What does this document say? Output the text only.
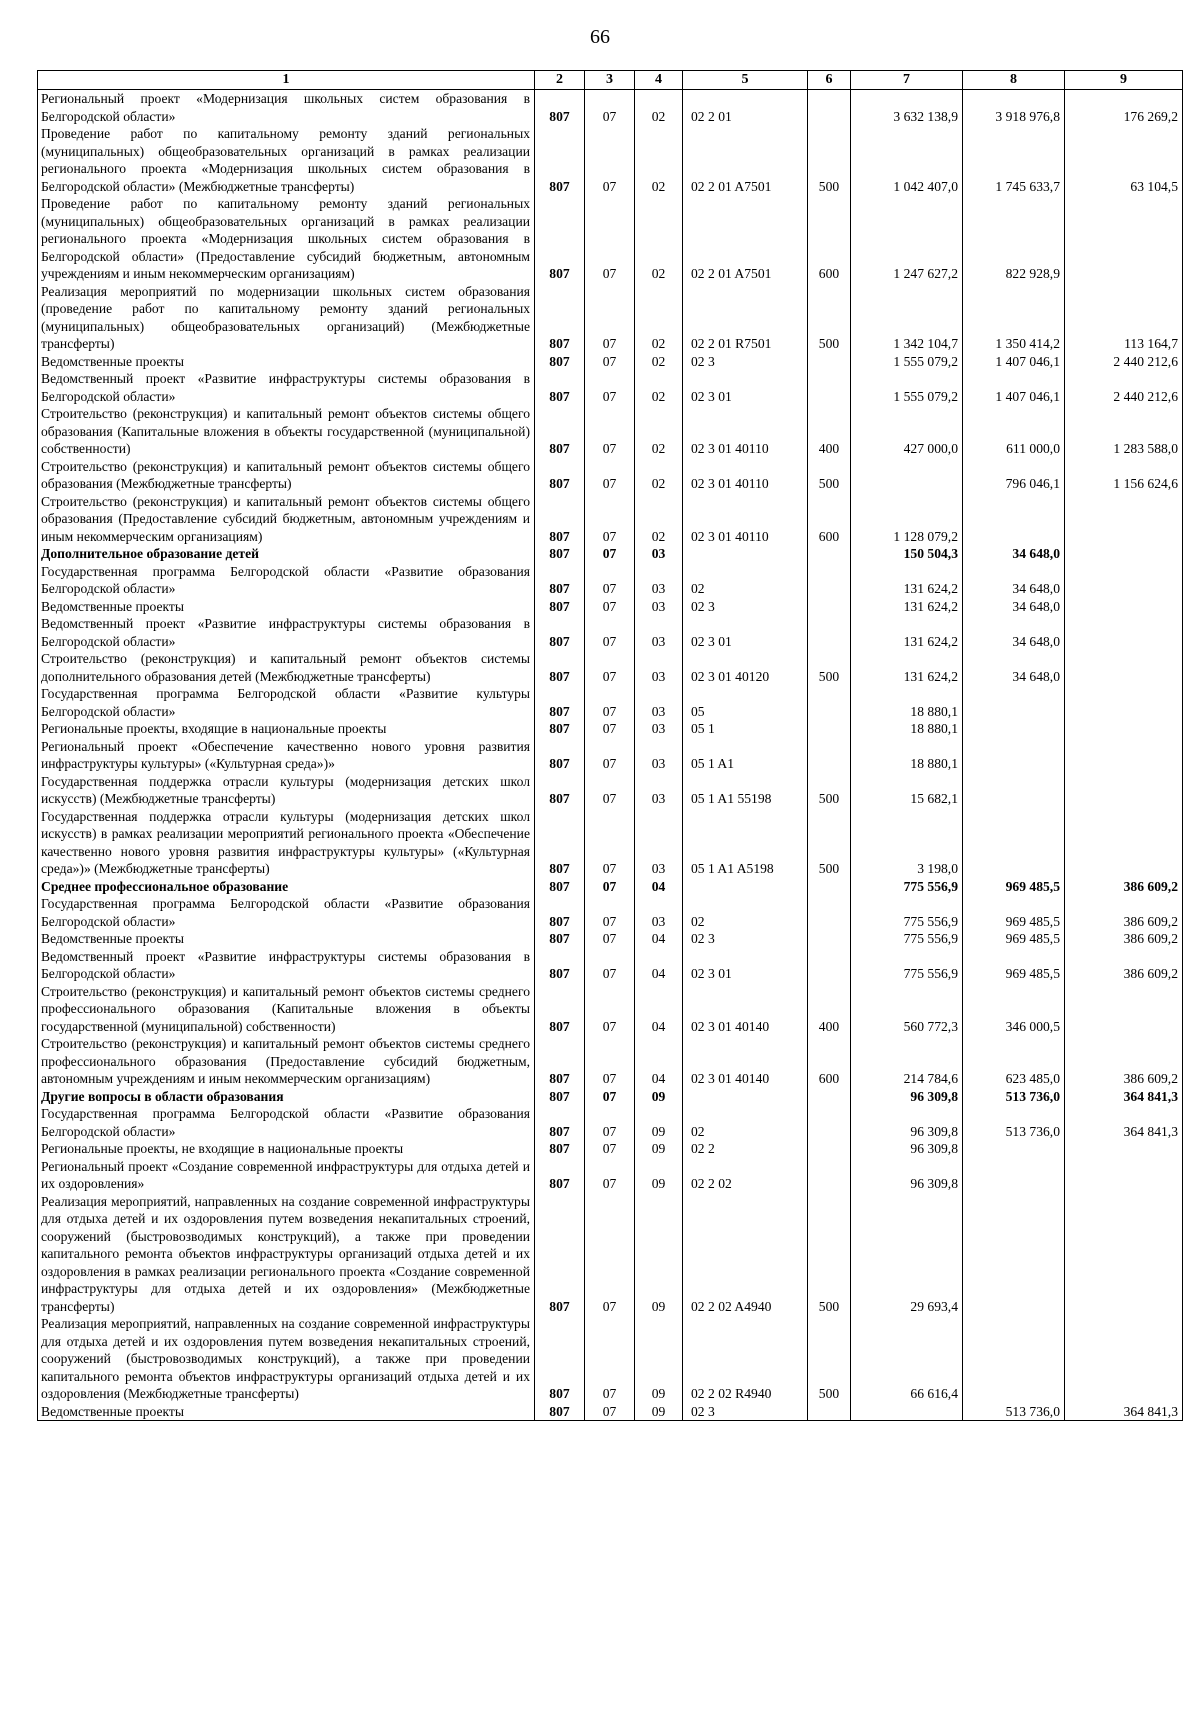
66
1	2	3	4	5	6	7	8	9
Региональный проект «Модернизация школьных систем образования в Белгородской области»	807	07	02	02 2 01		3 632 138,9	3 918 976,8	176 269,2
Проведение работ по капитальному ремонту зданий региональных (муниципальных) общеобразовательных организаций в рамках реализации регионального проекта «Модернизация школьных систем образования в Белгородской области» (Межбюджетные трансферты)	807	07	02	02 2 01 A7501	500	1 042 407,0	1 745 633,7	63 104,5
Проведение работ по капитальному ремонту зданий региональных (муниципальных) общеобразовательных организаций в рамках реализации регионального проекта «Модернизация школьных систем образования в Белгородской области» (Предоставление субсидий бюджетным, автономным учреждениям и иным некоммерческим организациям)	807	07	02	02 2 01 A7501	600	1 247 627,2	822 928,9	
Реализация мероприятий по модернизации школьных систем образования (проведение работ по капитальному ремонту зданий региональных (муниципальных) общеобразовательных организаций) (Межбюджетные трансферты)	807	07	02	02 2 01 R7501	500	1 342 104,7	1 350 414,2	113 164,7
Ведомственные проекты	807	07	02	02 3		1 555 079,2	1 407 046,1	2 440 212,6
Ведомственный проект «Развитие инфраструктуры системы образования в Белгородской области»	807	07	02	02 3 01		1 555 079,2	1 407 046,1	2 440 212,6
Строительство (реконструкция) и капитальный ремонт объектов системы общего образования (Капитальные вложения в объекты государственной (муниципальной) собственности)	807	07	02	02 3 01 40110	400	427 000,0	611 000,0	1 283 588,0
Строительство (реконструкция) и капитальный ремонт объектов системы общего образования (Межбюджетные трансферты)	807	07	02	02 3 01 40110	500		796 046,1	1 156 624,6
Строительство (реконструкция) и капитальный ремонт объектов системы общего образования (Предоставление субсидий бюджетным, автономным учреждениям и иным некоммерческим организациям)	807	07	02	02 3 01 40110	600	1 128 079,2		
Дополнительное образование детей	807	07	03			150 504,3	34 648,0	
Государственная программа Белгородской области «Развитие образования Белгородской области»	807	07	03	02		131 624,2	34 648,0	
Ведомственные проекты	807	07	03	02 3		131 624,2	34 648,0	
Ведомственный проект «Развитие инфраструктуры системы образования в Белгородской области»	807	07	03	02 3 01		131 624,2	34 648,0	
Строительство (реконструкция) и капитальный ремонт объектов системы дополнительного образования детей (Межбюджетные трансферты)	807	07	03	02 3 01 40120	500	131 624,2	34 648,0	
Государственная программа Белгородской области «Развитие культуры Белгородской области»	807	07	03	05		18 880,1		
Региональные проекты, входящие в национальные проекты	807	07	03	05 1		18 880,1		
Региональный проект «Обеспечение качественно нового уровня развития инфраструктуры культуры» («Культурная среда»)»	807	07	03	05 1 A1		18 880,1		
Государственная поддержка отрасли культуры (модернизация детских школ искусств) (Межбюджетные трансферты)	807	07	03	05 1 A1 55198	500	15 682,1		
Государственная поддержка отрасли культуры (модернизация детских школ искусств) в рамках реализации мероприятий регионального проекта «Обеспечение качественно нового уровня развития инфраструктуры культуры» («Культурная среда»)» (Межбюджетные трансферты)	807	07	03	05 1 A1 A5198	500	3 198,0		
Среднее профессиональное образование	807	07	04			775 556,9	969 485,5	386 609,2
Государственная программа Белгородской области «Развитие образования Белгородской области»	807	07	03	02		775 556,9	969 485,5	386 609,2
Ведомственные проекты	807	07	04	02 3		775 556,9	969 485,5	386 609,2
Ведомственный проект «Развитие инфраструктуры системы образования в Белгородской области»	807	07	04	02 3 01		775 556,9	969 485,5	386 609,2
Строительство (реконструкция) и капитальный ремонт объектов системы среднего профессионального образования (Капитальные вложения в объекты государственной (муниципальной) собственности)	807	07	04	02 3 01 40140	400	560 772,3	346 000,5	
Строительство (реконструкция) и капитальный ремонт объектов системы среднего профессионального образования (Предоставление субсидий бюджетным, автономным учреждениям и иным некоммерческим организациям)	807	07	04	02 3 01 40140	600	214 784,6	623 485,0	386 609,2
Другие вопросы в области образования	807	07	09			96 309,8	513 736,0	364 841,3
Государственная программа Белгородской области «Развитие образования Белгородской области»	807	07	09	02		96 309,8	513 736,0	364 841,3
Региональные проекты, не входящие в национальные проекты	807	07	09	02 2		96 309,8		
Региональный проект «Создание современной инфраструктуры для отдыха детей и их оздоровления»	807	07	09	02 2 02		96 309,8		
Реализация мероприятий, направленных на создание современной инфраструктуры для отдыха детей и их оздоровления путем возведения некапитальных строений, сооружений (быстровозводимых конструкций), а также при проведении капитального ремонта объектов инфраструктуры организаций отдыха детей и их оздоровления в рамках реализации регионального проекта «Создание современной инфраструктуры для отдыха детей и их оздоровления» (Межбюджетные трансферты)	807	07	09	02 2 02 A4940	500	29 693,4		
Реализация мероприятий, направленных на создание современной инфраструктуры для отдыха детей и их оздоровления путем возведения некапитальных строений, сооружений (быстровозводимых конструкций), а также при проведении капитального ремонта объектов инфраструктуры организаций отдыха детей и их оздоровления (Межбюджетные трансферты)	807	07	09	02 2 02 R4940	500	66 616,4		
Ведомственные проекты	807	07	09	02 3			513 736,0	364 841,3
